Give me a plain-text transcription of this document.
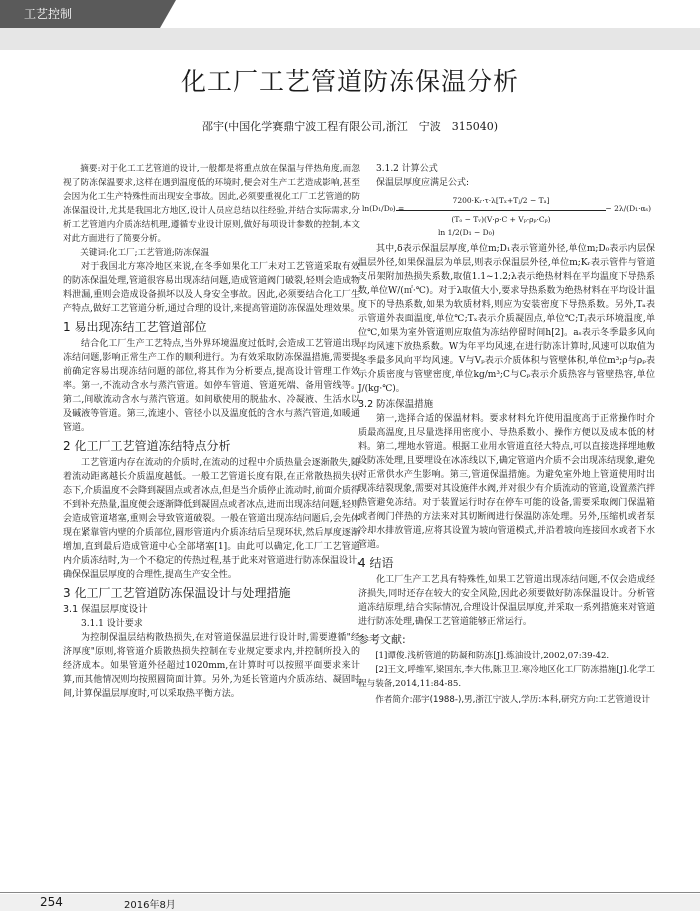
工艺控制
化工厂工艺管道防冻保温分析
邵宇(中国化学赛鼎宁波工程有限公司,浙江　宁波　315040)

摘要:对于化工工艺管道的设计,一般都是将重点放在保温与伴热角度,而忽视了防冻保温要求,这样在遇到温度低的环境时,便会对生产工艺造成影响,甚至会因为化工生产特殊性而出现安全事故。因此,必须要重视化工厂工艺管道的防冻保温设计,尤其是我国北方地区,设计人员应总结以往经验,并结合实际需求,分析工艺管道内介质冻结机理,遵循专业设计原则,做好每项设计参数的控制,本文对此方面进行了简要分析。

关键词:化工厂;工艺管道;防冻保温

对于我国北方寒冷地区来说,在冬季如果化工厂未对工艺管道采取有效的防冻保温处理,管道很容易出现冻结问题,造成管道阀门破裂,轻则会造成物料泄漏,重则会造成设备损坏以及人身安全事故。因此,必须要结合化工厂生产特点,做好工艺管道分析,通过合理的设计,来提高管道防冻保温处理效果。

1 易出现冻结工艺管道部位

结合化工厂生产工艺特点,当外界环境温度过低时,会造成工艺管道出现冻结问题,影响正常生产工作的顺利进行。为有效采取防冻保温措施,需要提前确定容易出现冻结问题的部位,将其作为分析要点,提高设计管理工作效率。第一,不流动含水与蒸汽管道。如停车管道、管道死端、备用管线等。第二,间歇流动含水与蒸汽管道。如间歇使用的脱盐水、冷凝液、生活水以及碱液等管道。第三,流速小、管径小以及温度低的含水与蒸汽管道,如暖通管道。

2 化工厂工艺管道冻结特点分析

工艺管道内存在流动的介质时,在流动的过程中介质热量会逐渐散失,随着流动距离越长介质温度越低。一般工艺管道长度有限,在正常散热损失状态下,介质温度不会降到凝固点或者冰点,但是当介质停止流动时,前面介质得不到补充热量,温度便会逐渐降低到凝固点或者冰点,进而出现冻结问题,轻则会造成管道堵塞,重则会导致管道破裂。一般在管道出现冻结问题后,会先体现在紧靠管内壁的介质部位,圆形管道内介质冻结后呈现环状,然后厚度逐渐增加,直到最后造成管道中心全部堵塞[1]。由此可以确定,化工厂工艺管道内介质冻结时,为一个不稳定的传热过程,基于此来对管道进行防冻保温设计,确保保温层厚度的合理性,提高生产安全性。

3 化工厂工艺管道防冻保温设计与处理措施
3.1 保温层厚度设计
3.1.1 设计要求

为控制保温层结构散热损失,在对管道保温层进行设计时,需要遵循"经济厚度"原则,将管道介质散热损失控制在专业规定要求内,并控制所投入的经济成本。如果管道外径超过1020mm,在计算时可以按照平面要求来计算,而其他情况则均按照圆筒面计算。另外,为延长管道内介质冻结、凝固时间,计算保温层厚度时,可以采取热平衡方法。

3.1.2 计算公式
保温层厚度应满足公式:
ln(D₁/D₀) =
7200·Kᵣ·τ·λ[Tₓ+Tⱼ/2 − Tₐ]
(Tₒ − Tᵥ)(V·ρ·C + Vₚ·ρₚ·Cₚ)
− 2λ/(D₁·αₛ)
ln 1/2(D₁ − D₀)

其中,δ表示保温层厚度,单位m;D₁表示管道外径,单位m;D₀表示内层保温层外径,如果保温层为单层,则表示保温层外径,单位m;Kᵣ表示管件与管道支吊架附加热损失系数,取值1.1~1.2;λ表示绝热材料在平均温度下导热系数,单位W/(㎡·℃)。对于λ取值大小,要求导热系数为绝热材料在平均设计温度下的导热系数,如果为软质材料,则应为安装密度下导热系数。另外,Tₐ表示管道外表面温度,单位℃;Tₓ表示介质凝固点,单位℃;Tⱼ表示环境温度,单位℃,如果为室外管道则应取值为冻结停留时间h[2]。aₛ表示冬季最多风向平均风速下放热系数。W为年平均风速,在进行防冻计算时,风速可以取值为冬季最多风向平均风速。V与Vₚ表示介质体积与管壁体积,单位m³;ρ与ρₚ表示介质密度与管壁密度,单位kg/m³;C与Cₚ表示介质热容与管壁热容,单位J/(kg·℃)。

3.2 防冻保温措施

第一,选择合适的保温材料。要求材料允许使用温度高于正常操作时介质最高温度,且尽量选择用密度小、导热系数小、操作方便以及成本低的材料。第二,埋地水管道。根据工业用水管道直径大特点,可以直接选择埋地敷设防冻处理,且要埋设在冰冻线以下,确定管道内介质不会出现冻结现象,避免对正常供水产生影响。第三,管道保温措施。为避免室外地上管道使用时出现冻结裂现象,需要对其设施伴水阀,并对很少有介质流动的管道,设置蒸汽拌热管避免冻结。对于装置运行时存在停车可能的设备,需要采取阀门保温箱或者阀门伴热的方法来对其切断阀进行保温防冻处理。另外,压缩机或者泵冷却水排放管道,应将其设置为坡向管道模式,并沿着坡向连接回水或者下水管道。

4 结语

化工厂生产工艺具有特殊性,如果工艺管道出现冻结问题,不仅会造成经济损失,同时还存在较大的安全风险,因此必须要做好防冻保温设计。分析管道冻结原理,结合实际情况,合理设计保温层厚度,并采取一系列措施来对管道进行防冻处理,确保工艺管道能够正常运行。

参考文献:

[1]谭俊.浅析管道的防凝和防冻[J].炼油设计,2002,07:39-42.

[2]王文,呼维军,梁国东,李大伟,陈卫卫.寒冷地区化工厂防冻措施[J].化学工程与装备,2014,11:84-85.

作者简介:邵宇(1988-),男,浙江宁波人,学历:本科,研究方向:工艺管道设计

254	2016年8月
